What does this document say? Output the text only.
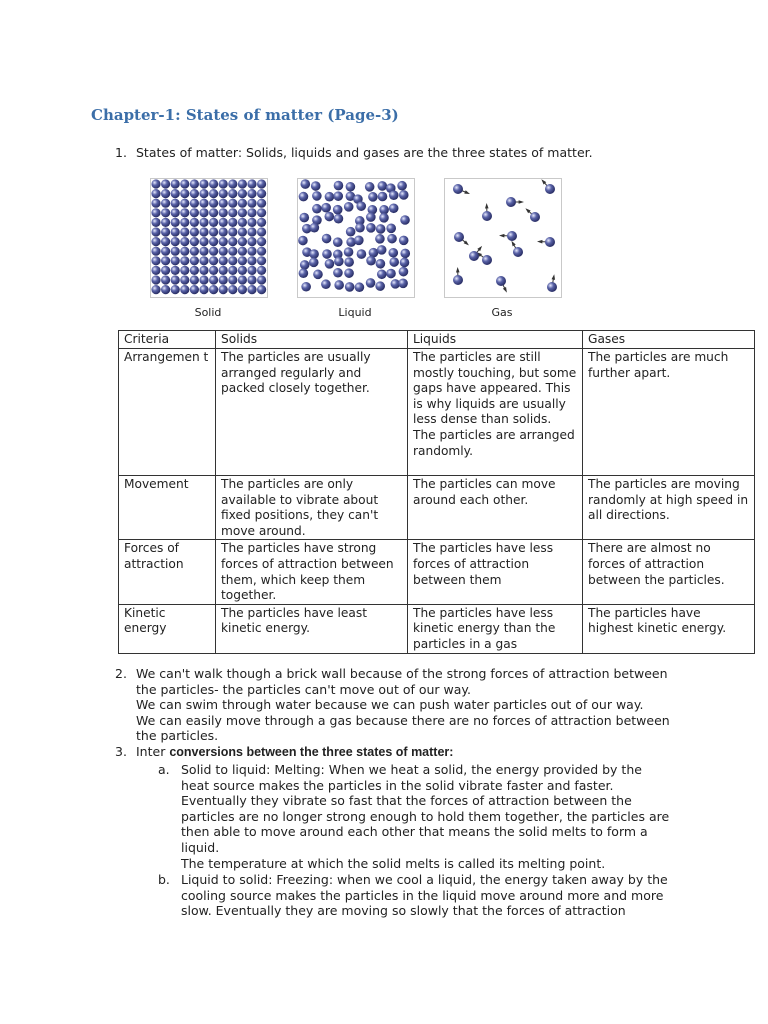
Chapter-1: States of matter (Page-3)
1. States of matter: Solids, liquids and gases are the three states of matter.
Solid	Liquid	Gas
Criteria	Solids	Liquids	Gases
Arrangemen t	The particles are usually arranged regularly and packed closely together.	The particles are still mostly touching, but some gaps have appeared. This is why liquids are usually less dense than solids. The particles are arranged randomly.	The particles are much further apart.
Movement	The particles are only available to vibrate about fixed positions, they can't move around.	The particles can move around each other.	The particles are moving randomly at high speed in all directions.
Forces of attraction	The particles have strong forces of attraction between them, which keep them together.	The particles have less forces of attraction between them	There are almost no forces of attraction between the particles.
Kinetic energy	The particles have least kinetic energy.	The particles have less kinetic energy than the particles in a gas	The particles have highest kinetic energy.
2. We can't walk though a brick wall because of the strong forces of attraction between
the particles- the particles can't move out of our way.
We can swim through water because we can push water particles out of our way.
We can easily move through a gas because there are no forces of attraction between
the particles.
3. Inter conversions between the three states of matter:
a. Solid to liquid: Melting: When we heat a solid, the energy provided by the
heat source makes the particles in the solid vibrate faster and faster.
Eventually they vibrate so fast that the forces of attraction between the
particles are no longer strong enough to hold them together, the particles are
then able to move around each other that means the solid melts to form a
liquid.
The temperature at which the solid melts is called its melting point.
b. Liquid to solid: Freezing: when we cool a liquid, the energy taken away by the
cooling source makes the particles in the liquid move around more and more
slow. Eventually they are moving so slowly that the forces of attraction
